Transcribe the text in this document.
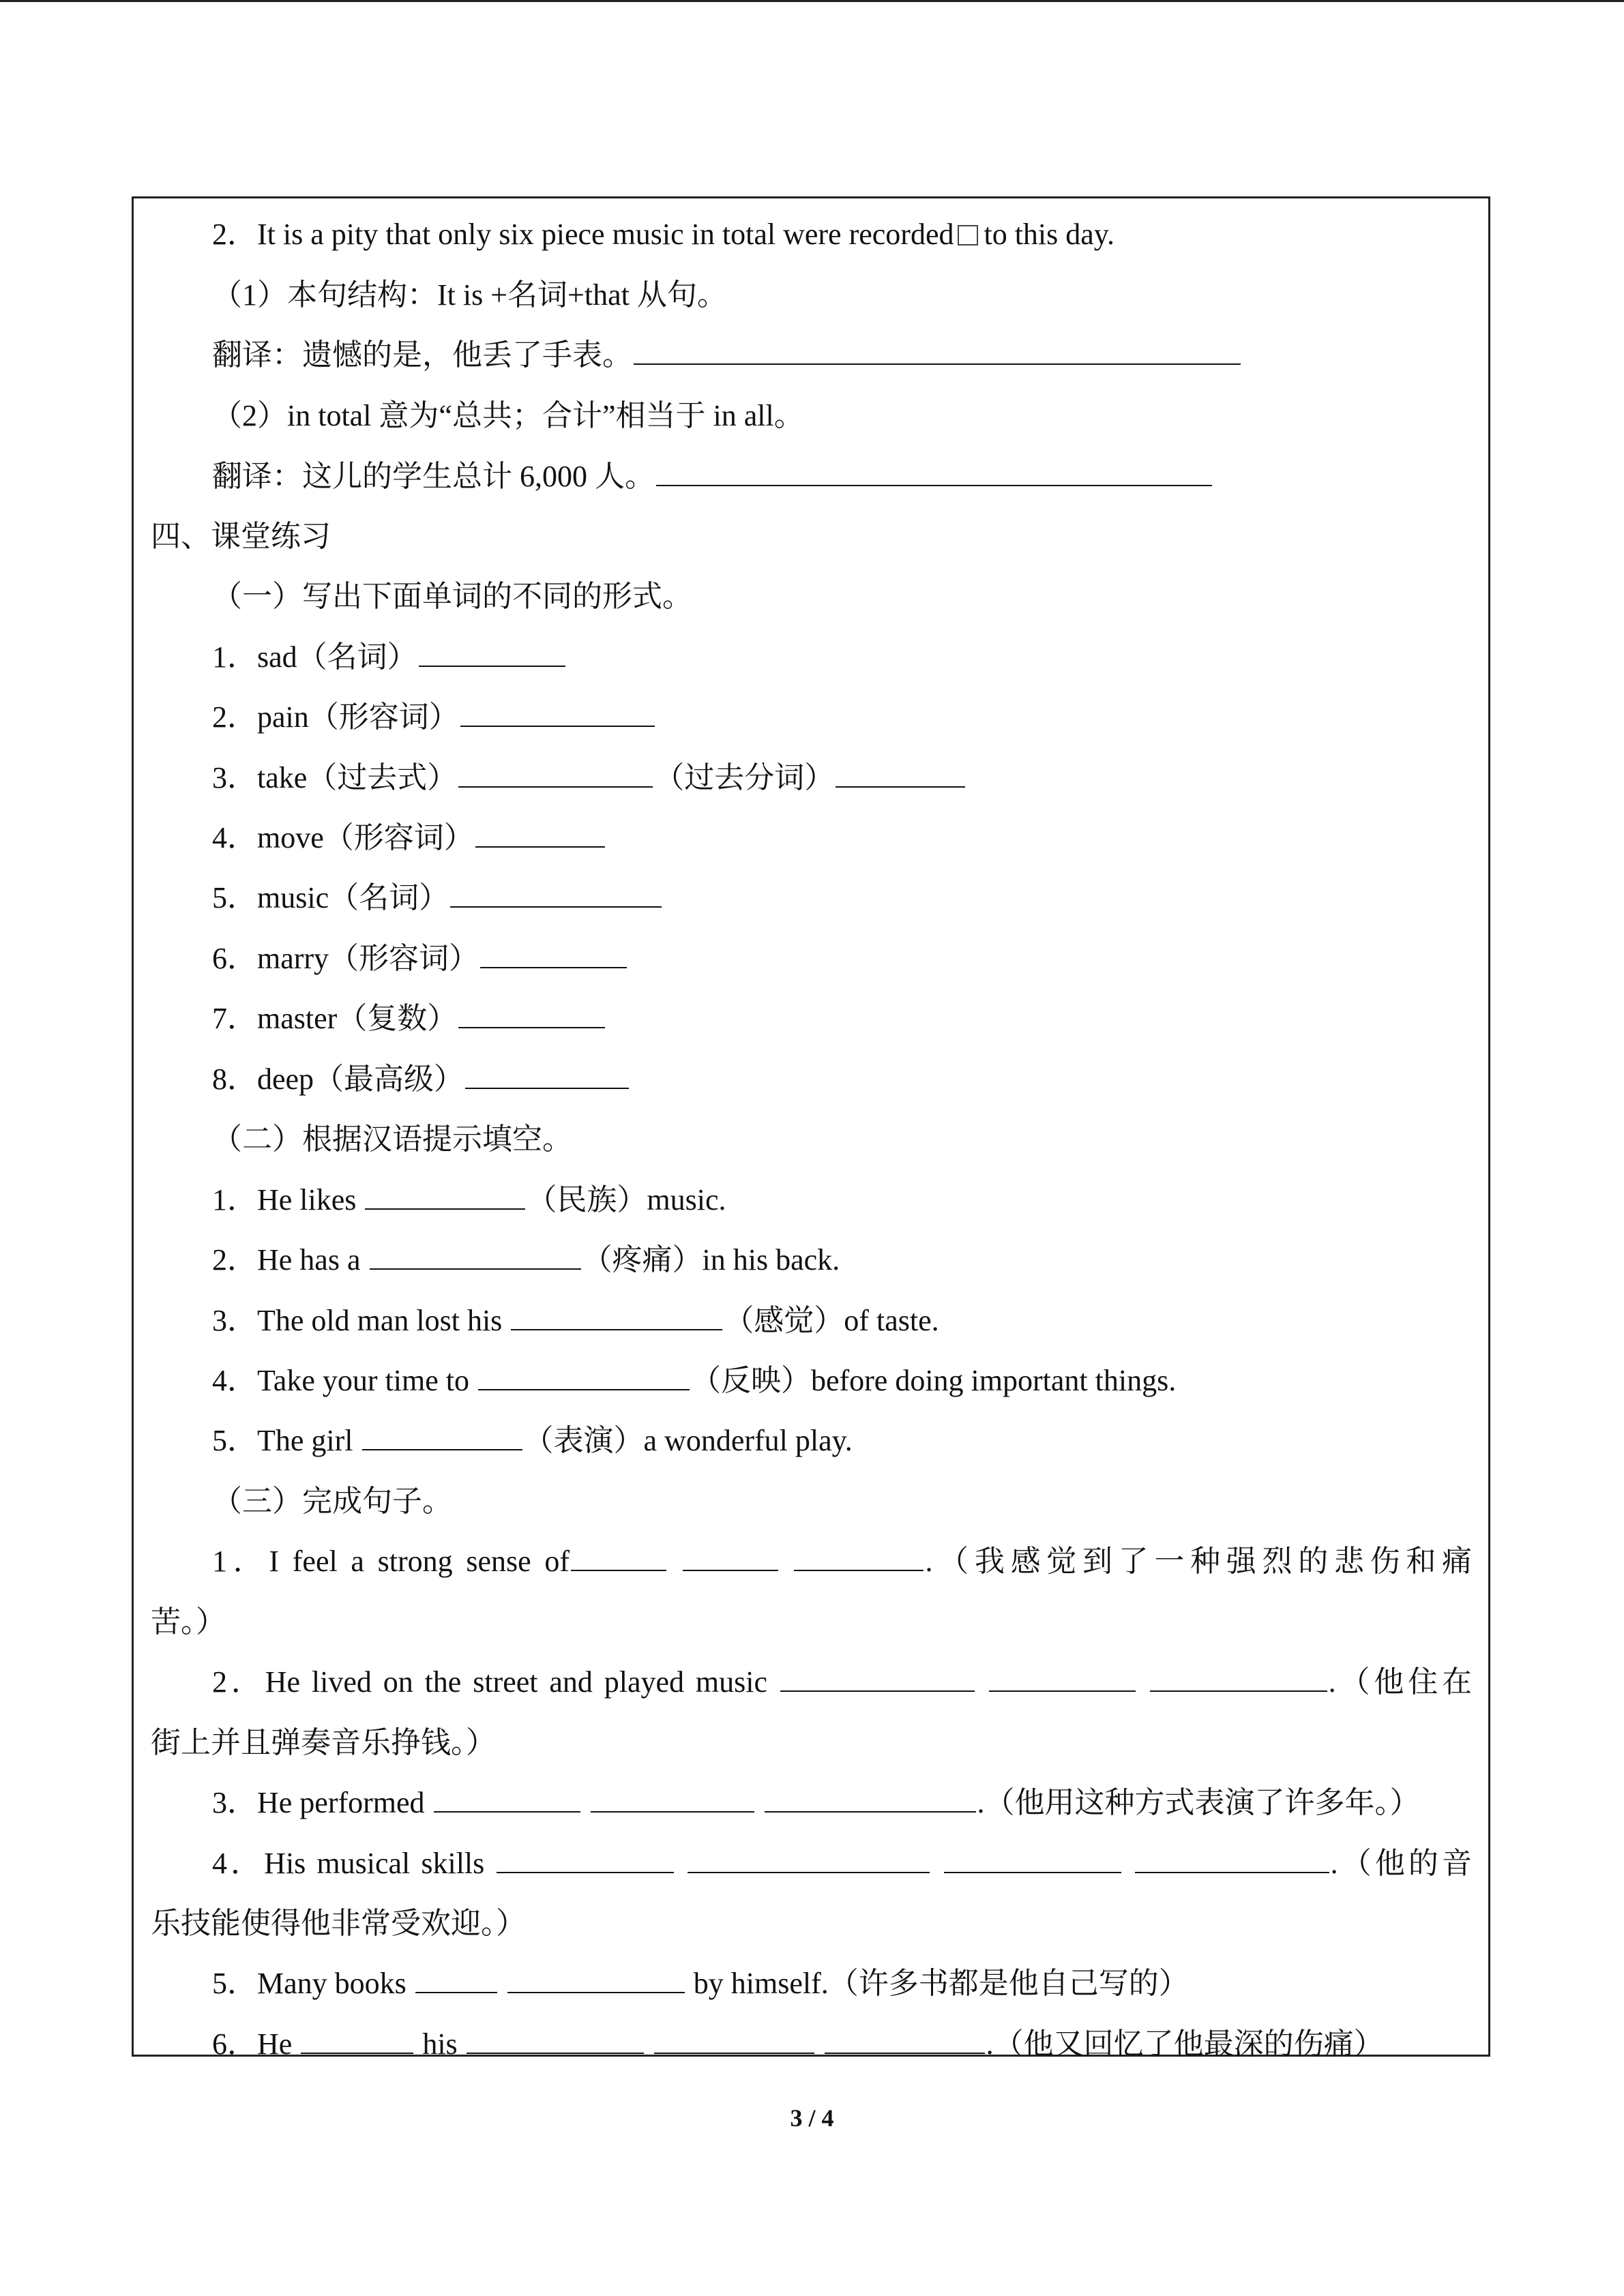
2．It is a pity that only six piece music in total were recorded to this day.
（1）本句结构：It is +名词+that 从句。
翻译：遗憾的是，他丢了手表。
（2）in total 意为“总共；合计”相当于 in all。
翻译：这儿的学生总计 6,000 人。
四、课堂练习
（一）写出下面单词的不同的形式。
1．sad（名词）
2．pain（形容词）
3．take（过去式）	（过去分词）
4．move（形容词）
5．music（名词）
6．marry（形容词）
7．master（复数）
8．deep（最高级）
（二）根据汉语提示填空。
1．He likes	（民族）music.
2．He has a	（疼痛）in his back.
3．The old man lost his	（感觉）of taste.
4．Take your time to	（反映）before doing important things.
5．The girl	（表演）a wonderful play.
（三）完成句子。
1．I feel a strong sense of	.（我感觉到了一种强烈的悲伤和痛
苦。）
2．He lived on the street and played music	.（他住在
街上并且弹奏音乐挣钱。）
3．He performed	.（他用这种方式表演了许多年。）
4．His musical skills	.（他的音
乐技能使得他非常受欢迎。）
5．Many books	by himself.（许多书都是他自己写的）
6．He	his	.（他又回忆了他最深的伤痛）
3 / 4
